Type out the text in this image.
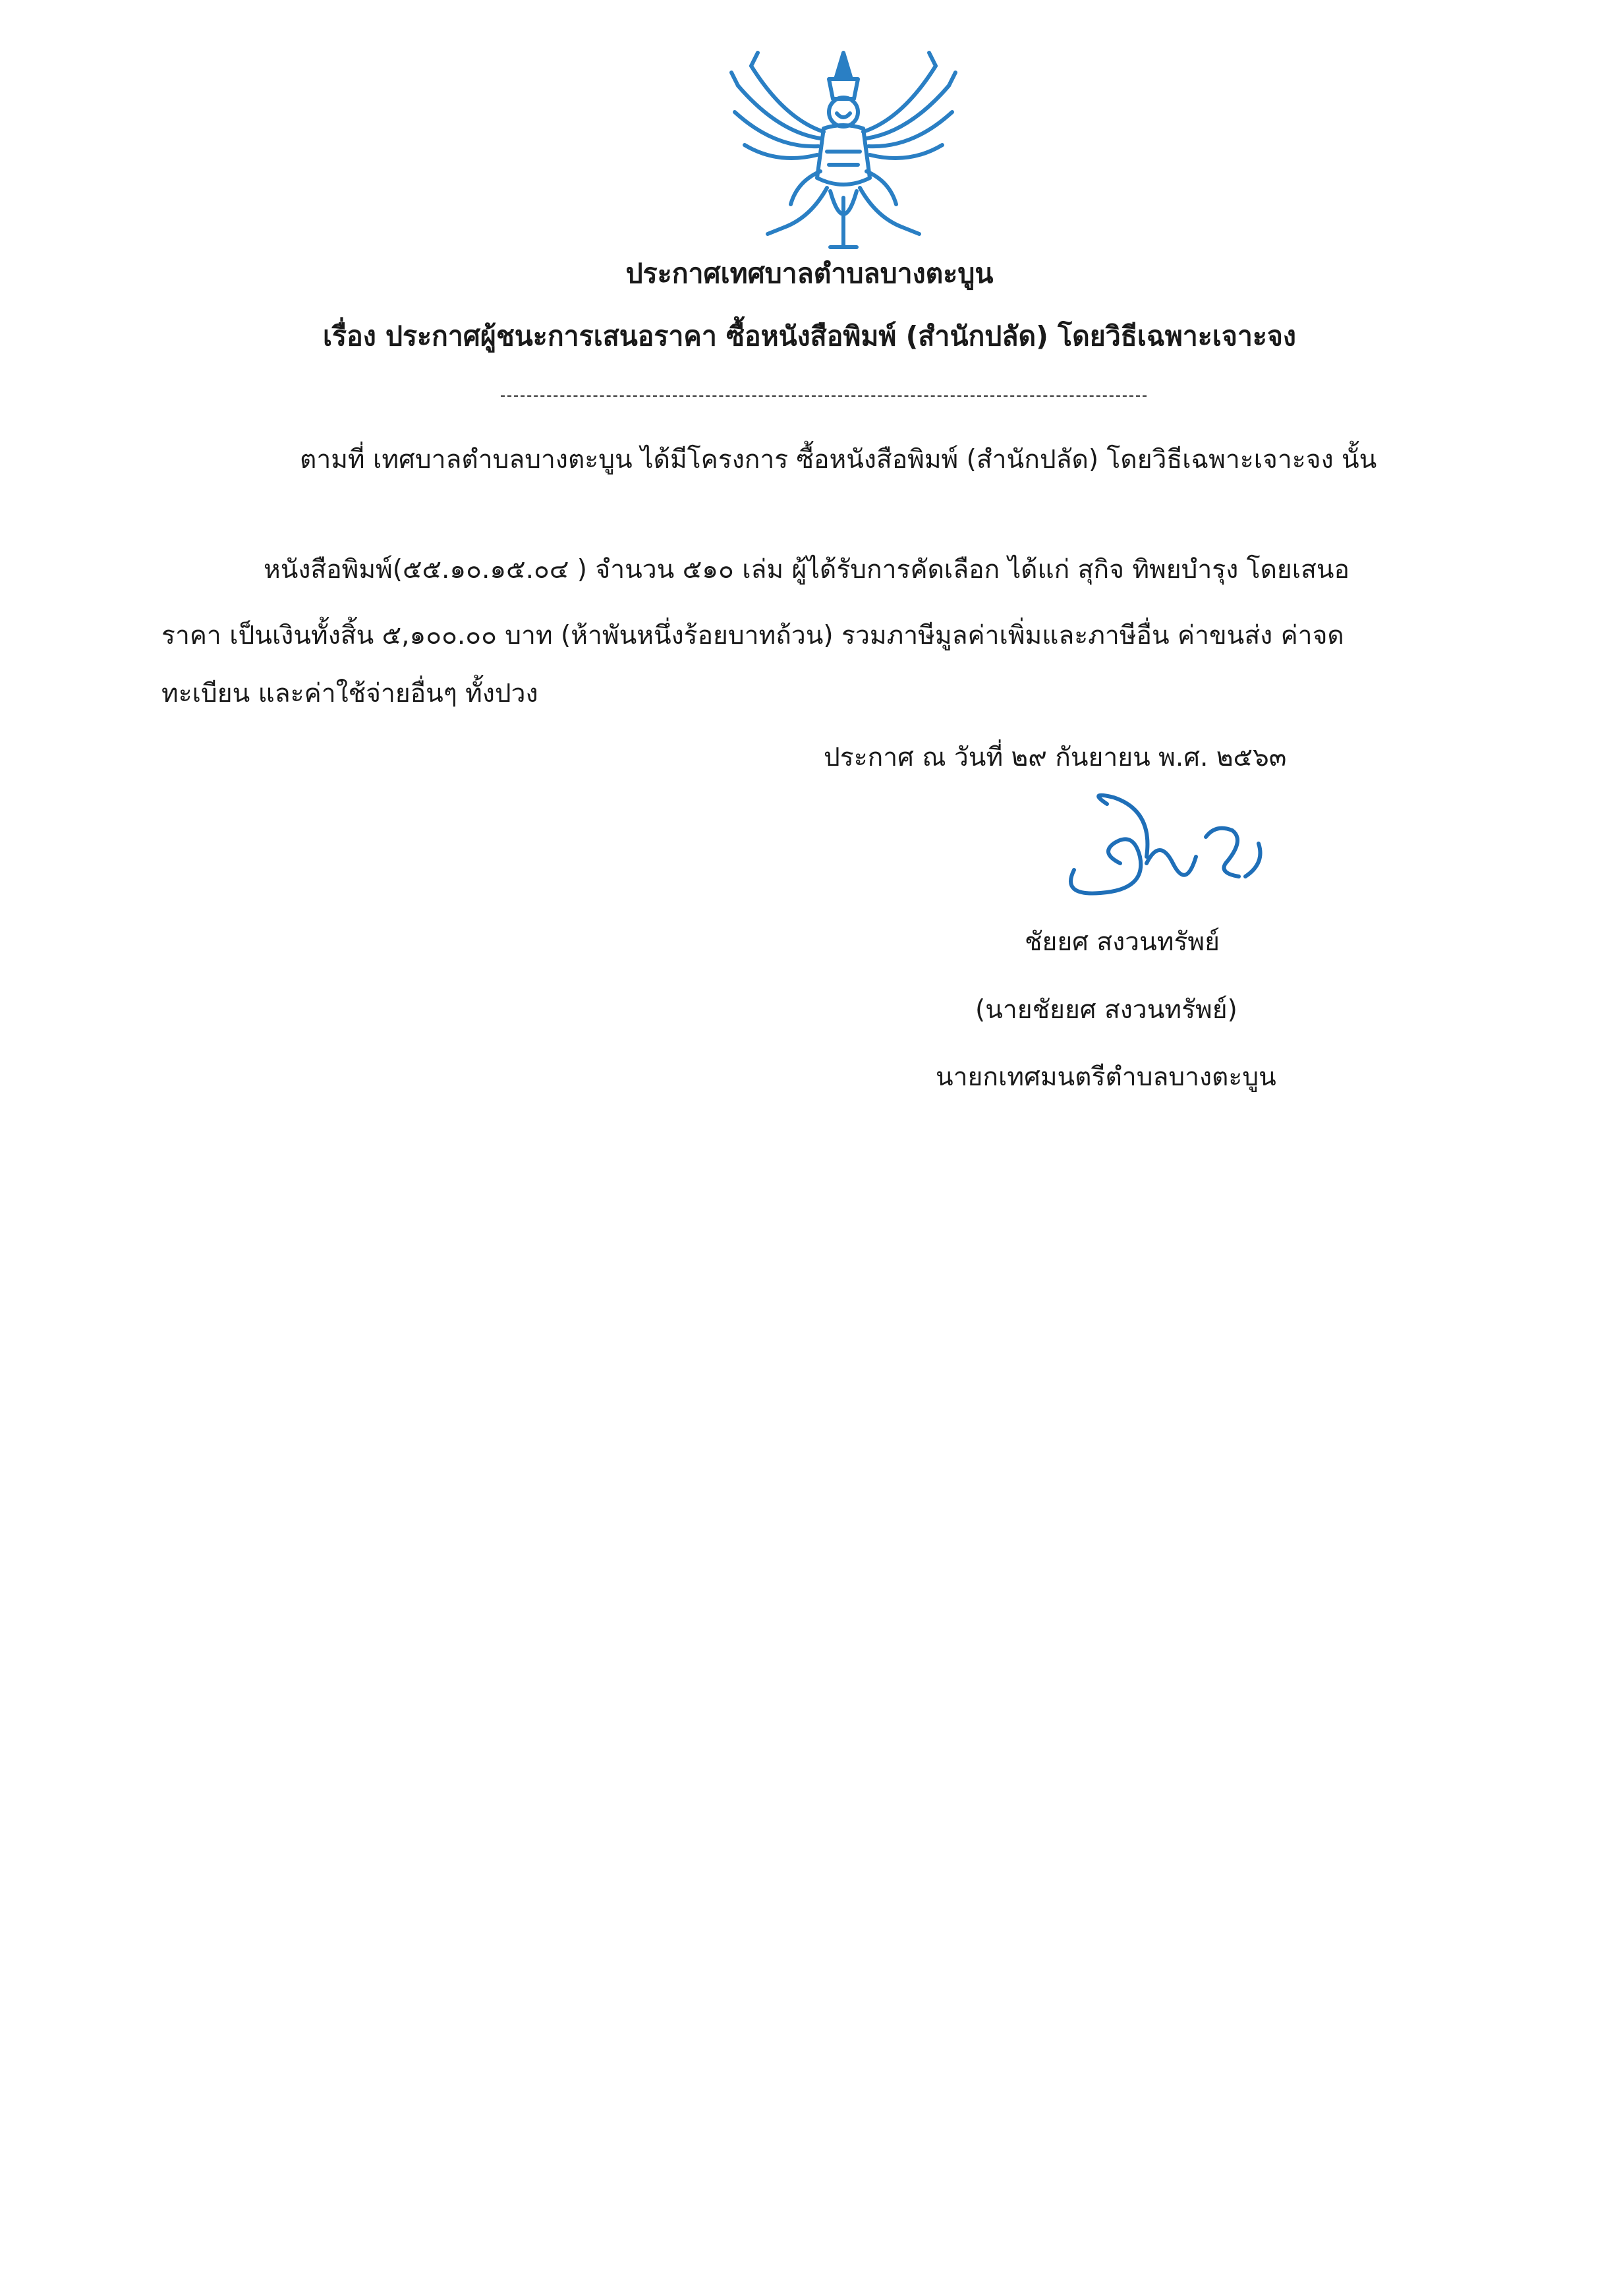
ประกาศเทศบาลตำบลบางตะบูน
เรื่อง ประกาศผู้ชนะการเสนอราคา ซื้อหนังสือพิมพ์ (สำนักปลัด) โดยวิธีเฉพาะเจาะจง
ตามที่ เทศบาลตำบลบางตะบูน ได้มีโครงการ ซื้อหนังสือพิมพ์ (สำนักปลัด) โดยวิธีเฉพาะเจาะจง นั้น
หนังสือพิมพ์(๕๕.๑๐.๑๕.๐๔ ) จำนวน ๕๑๐ เล่ม ผู้ได้รับการคัดเลือก ได้แก่ สุกิจ ทิพยบำรุง โดยเสนอ
ราคา เป็นเงินทั้งสิ้น ๕,๑๐๐.๐๐ บาท (ห้าพันหนึ่งร้อยบาทถ้วน) รวมภาษีมูลค่าเพิ่มและภาษีอื่น ค่าขนส่ง ค่าจด
ทะเบียน และค่าใช้จ่ายอื่นๆ ทั้งปวง
ประกาศ ณ วันที่ ๒๙ กันยายน พ.ศ. ๒๕๖๓
ชัยยศ สงวนทรัพย์
(นายชัยยศ สงวนทรัพย์)
นายกเทศมนตรีตำบลบางตะบูน
